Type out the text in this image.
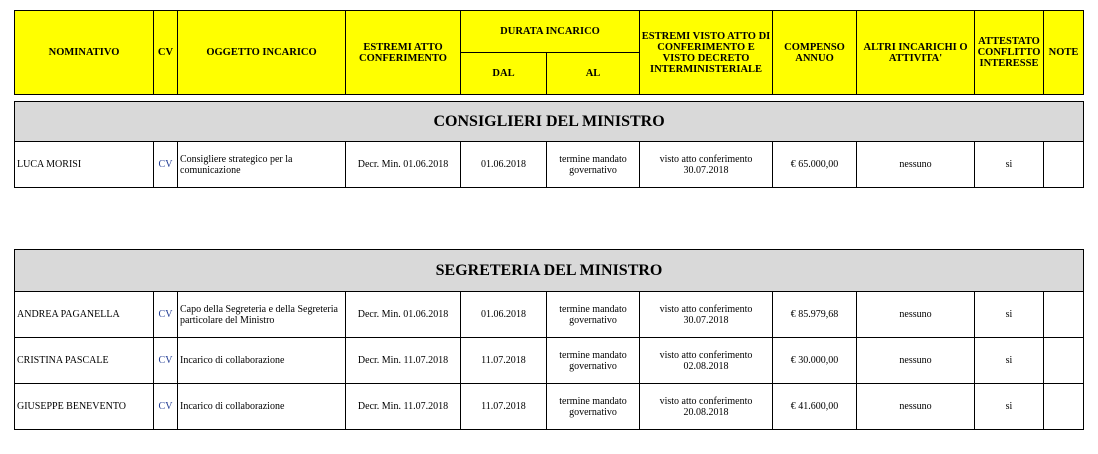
NOMINATIVO	CV	OGGETTO INCARICO	ESTREMI ATTO CONFERIMENTO	DURATA INCARICO		ESTREMI VISTO ATTO DI CONFERIMENTO E VISTO DECRETO INTERMINISTERIALE	COMPENSO ANNUO	ALTRI INCARICHI O ATTIVITA'	ATTESTATO CONFLITTO INTERESSE	NOTE
				DAL	AL					
CONSIGLIERI DEL MINISTRO
LUCA MORISI	CV	Consigliere strategico per la comunicazione	Decr. Min. 01.06.2018	01.06.2018	termine mandato governativo	visto atto conferimento 30.07.2018	€ 65.000,00	nessuno	si	
SEGRETERIA DEL MINISTRO										
ANDREA PAGANELLA	CV	Capo della Segreteria e della Segreteria particolare del Ministro	Decr. Min. 01.06.2018	01.06.2018	termine mandato governativo	visto atto conferimento 30.07.2018	€ 85.979,68	nessuno	si	
CRISTINA PASCALE	CV	Incarico di collaborazione	Decr. Min. 11.07.2018	11.07.2018	termine mandato governativo	visto atto conferimento 02.08.2018	€ 30.000,00	nessuno	si	
GIUSEPPE BENEVENTO	CV	Incarico di collaborazione	Decr. Min. 11.07.2018	11.07.2018	termine mandato governativo	visto atto conferimento 20.08.2018	€ 41.600,00	nessuno	si	
